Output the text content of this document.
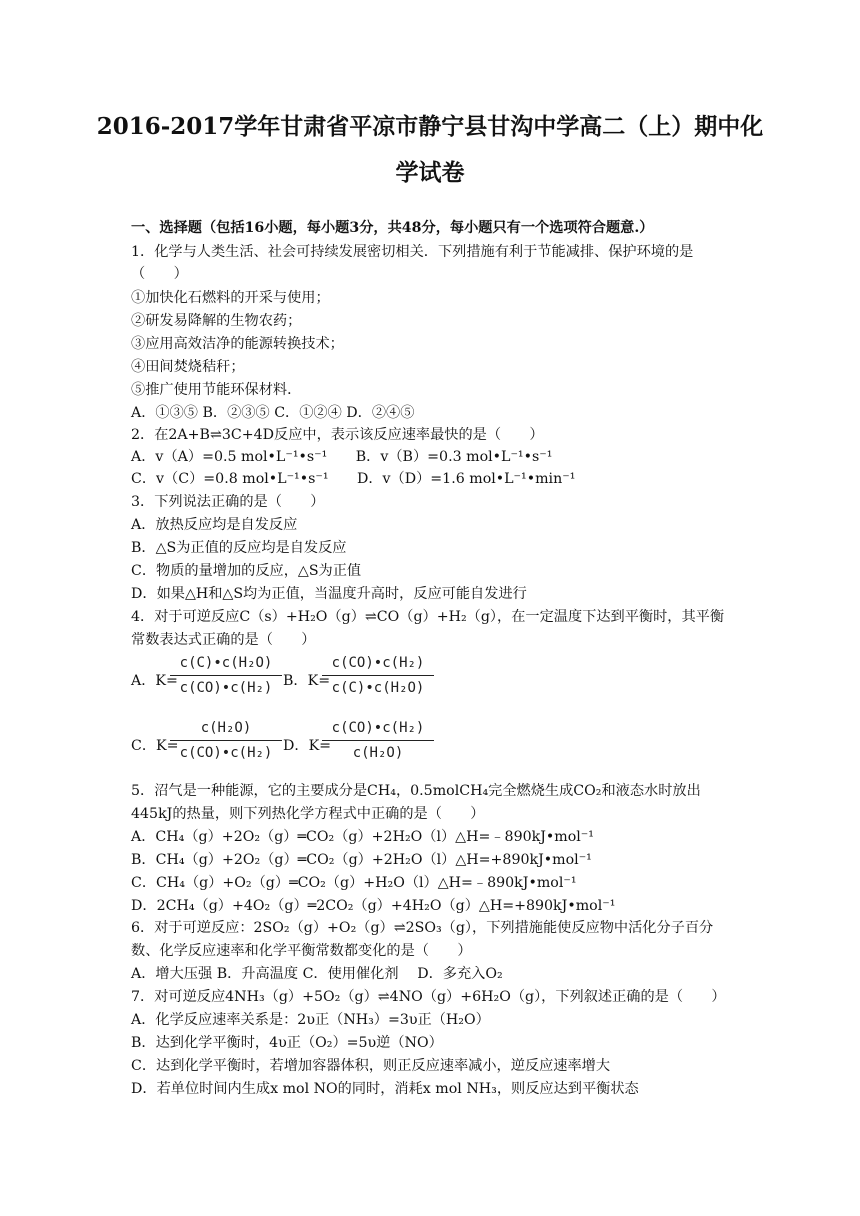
2016-2017学年甘肃省平凉市静宁县甘沟中学高二（上）期中化
学试卷
一、选择题（包括16小题，每小题3分，共48分，每小题只有一个选项符合题意.）
1．化学与人类生活、社会可持续发展密切相关．下列措施有利于节能减排、保护环境的是
（　　）
①加快化石燃料的开采与使用；
②研发易降解的生物农药；
③应用高效洁净的能源转换技术；
④田间焚烧秸秆；
⑤推广使用节能环保材料．
A．①③⑤ B．②③⑤ C．①②④ D．②④⑤
2．在2A+B⇌3C+4D反应中，表示该反应速率最快的是（　　）
A．v（A）=0.5 mol•L⁻¹•s⁻¹　　B．v（B）=0.3 mol•L⁻¹•s⁻¹
C．v（C）=0.8 mol•L⁻¹•s⁻¹　　D．v（D）=1.6 mol•L⁻¹•min⁻¹
3．下列说法正确的是（　　）
A．放热反应均是自发反应
B．△S为正值的反应均是自发反应
C．物质的量增加的反应，△S为正值
D．如果△H和△S均为正值，当温度升高时，反应可能自发进行
4．对于可逆反应C（s）+H₂O（g）⇌CO（g）+H₂（g），在一定温度下达到平衡时，其平衡
常数表达式正确的是（　　）
A．K=
c(C)•c(H₂O)
c(CO)•c(H₂) B．K=
c(CO)•c(H₂)
c(C)•c(H₂O)
C．K=
c(H₂O)
c(CO)•c(H₂) D．K=
c(CO)•c(H₂)
c(H₂O)
5．沼气是一种能源，它的主要成分是CH₄，0.5molCH₄完全燃烧生成CO₂和液态水时放出
445kJ的热量，则下列热化学方程式中正确的是（　　）
A．CH₄（g）+2O₂（g）═CO₂（g）+2H₂O（l）△H=﹣890kJ•mol⁻¹
B．CH₄（g）+2O₂（g）═CO₂（g）+2H₂O（l）△H=+890kJ•mol⁻¹
C．CH₄（g）+O₂（g）═CO₂（g）+H₂O（l）△H=﹣890kJ•mol⁻¹
D．2CH₄（g）+4O₂（g）═2CO₂（g）+4H₂O（g）△H=+890kJ•mol⁻¹
6．对于可逆反应：2SO₂（g）+O₂（g）⇌2SO₃（g），下列措施能使反应物中活化分子百分
数、化学反应速率和化学平衡常数都变化的是（　　）
A．增大压强 B．升高温度 C．使用催化剂　 D．多充入O₂
7．对可逆反应4NH₃（g）+5O₂（g）⇌4NO（g）+6H₂O（g），下列叙述正确的是（　　）
A．化学反应速率关系是：2υ正（NH₃）=3υ正（H₂O）
B．达到化学平衡时，4υ正（O₂）=5υ逆（NO）
C．达到化学平衡时，若增加容器体积，则正反应速率减小，逆反应速率增大
D．若单位时间内生成x mol NO的同时，消耗x mol NH₃，则反应达到平衡状态
